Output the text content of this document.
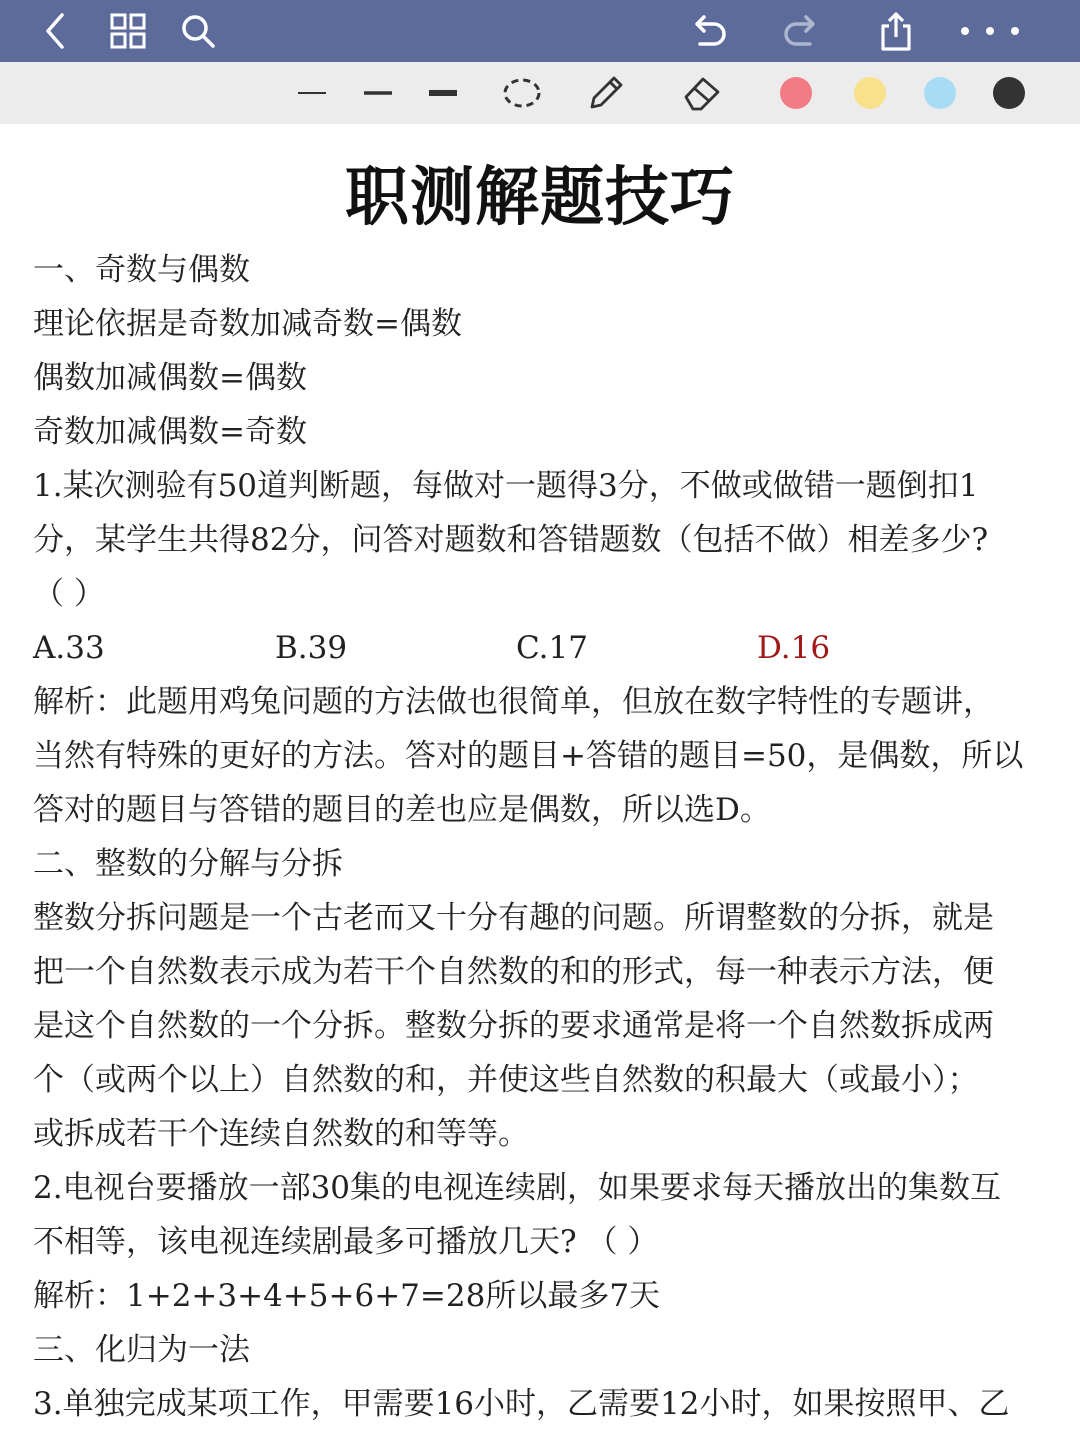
职测解题技巧
一、奇数与偶数
理论依据是奇数加减奇数=偶数
偶数加减偶数=偶数
奇数加减偶数=奇数
1.某次测验有50道判断题，每做对一题得3分，不做或做错一题倒扣1
分，某学生共得82分，问答对题数和答错题数（包括不做）相差多少?
（ ）
A.33	B.39	C.17	D.16
解析：此题用鸡兔问题的方法做也很简单，但放在数字特性的专题讲，
当然有特殊的更好的方法。答对的题目+答错的题目=50，是偶数，所以
答对的题目与答错的题目的差也应是偶数，所以选D。
二、整数的分解与分拆
整数分拆问题是一个古老而又十分有趣的问题。所谓整数的分拆，就是
把一个自然数表示成为若干个自然数的和的形式，每一种表示方法，便
是这个自然数的一个分拆。整数分拆的要求通常是将一个自然数拆成两
个（或两个以上）自然数的和，并使这些自然数的积最大（或最小）；
或拆成若干个连续自然数的和等等。
2.电视台要播放一部30集的电视连续剧，如果要求每天播放出的集数互
不相等，该电视连续剧最多可播放几天? （ ）
解析：1+2+3+4+5+6+7=28所以最多7天
三、化归为一法
3.单独完成某项工作，甲需要16小时，乙需要12小时，如果按照甲、乙
